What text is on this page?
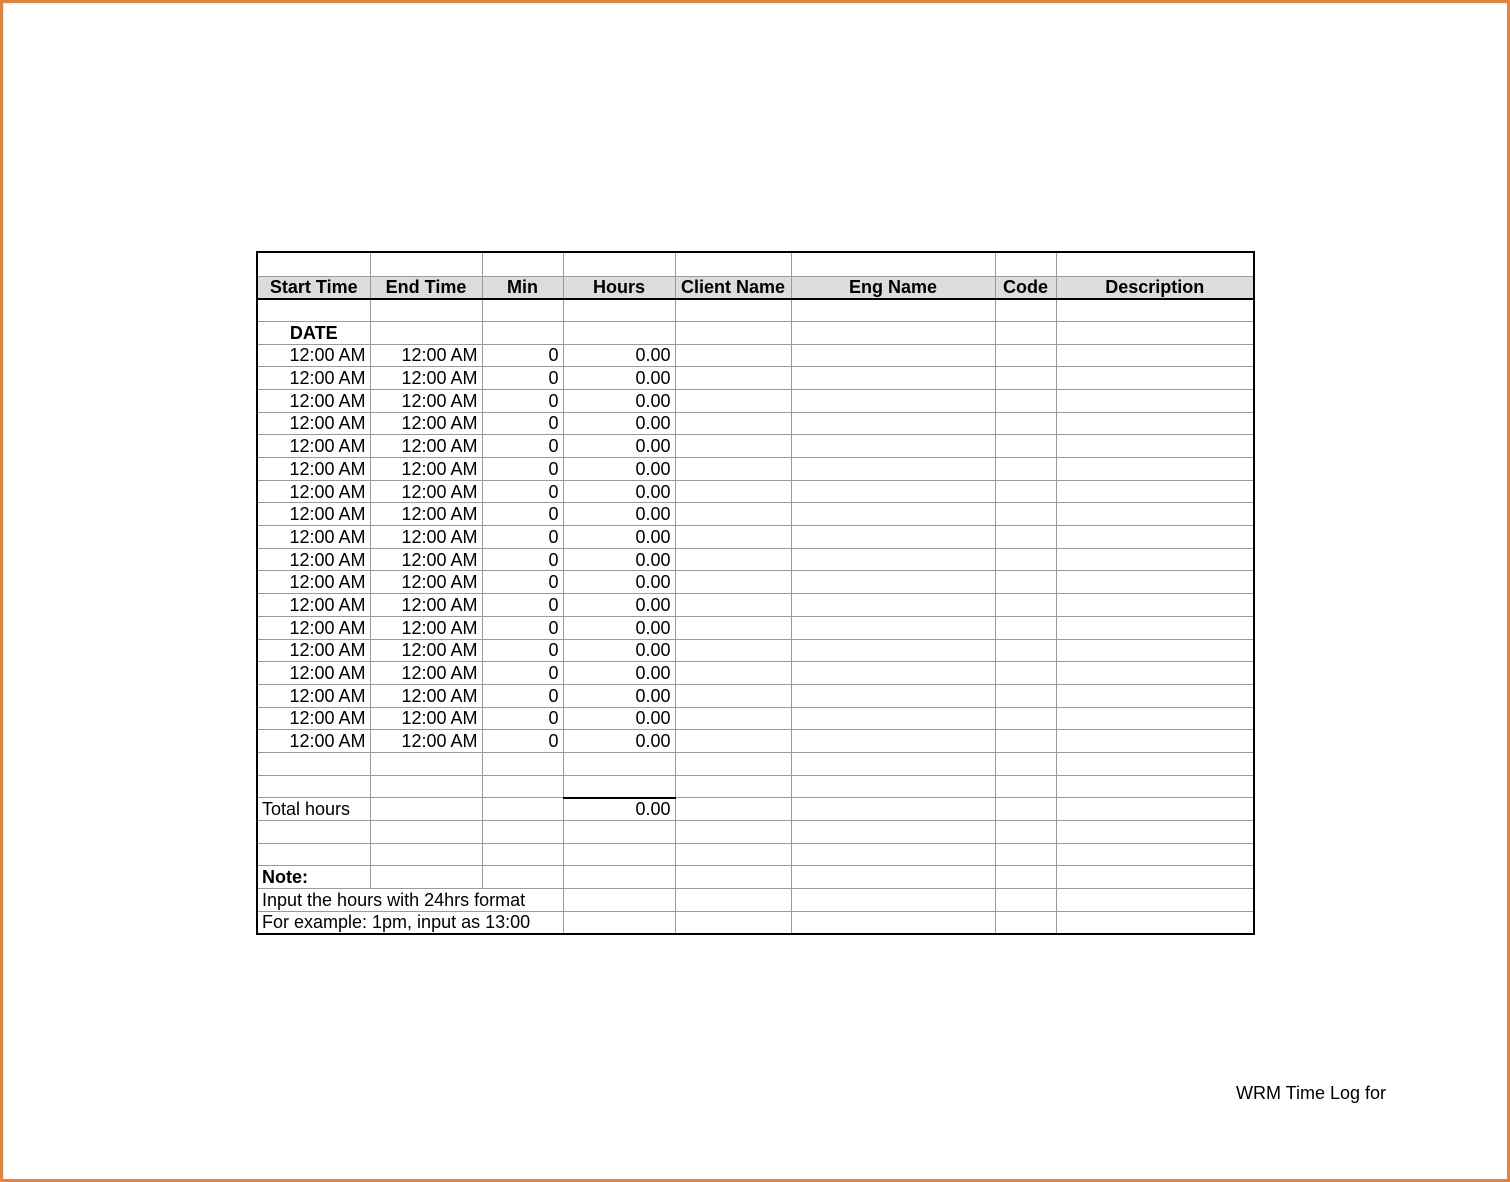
Start Time	End Time	Min	Hours	Client Name	Eng Name	Code	Description

DATE							
12:00 AM	12:00 AM	0	0.00				
12:00 AM	12:00 AM	0	0.00				
12:00 AM	12:00 AM	0	0.00				
12:00 AM	12:00 AM	0	0.00				
12:00 AM	12:00 AM	0	0.00				
12:00 AM	12:00 AM	0	0.00				
12:00 AM	12:00 AM	0	0.00				
12:00 AM	12:00 AM	0	0.00				
12:00 AM	12:00 AM	0	0.00				
12:00 AM	12:00 AM	0	0.00				
12:00 AM	12:00 AM	0	0.00				
12:00 AM	12:00 AM	0	0.00				
12:00 AM	12:00 AM	0	0.00				
12:00 AM	12:00 AM	0	0.00				
12:00 AM	12:00 AM	0	0.00				
12:00 AM	12:00 AM	0	0.00				
12:00 AM	12:00 AM	0	0.00				
12:00 AM	12:00 AM	0	0.00				

Total hours			0.00				

Note:							
Input the hours with 24hrs format							
For example: 1pm, input as 13:00							
WRM Time Log for
